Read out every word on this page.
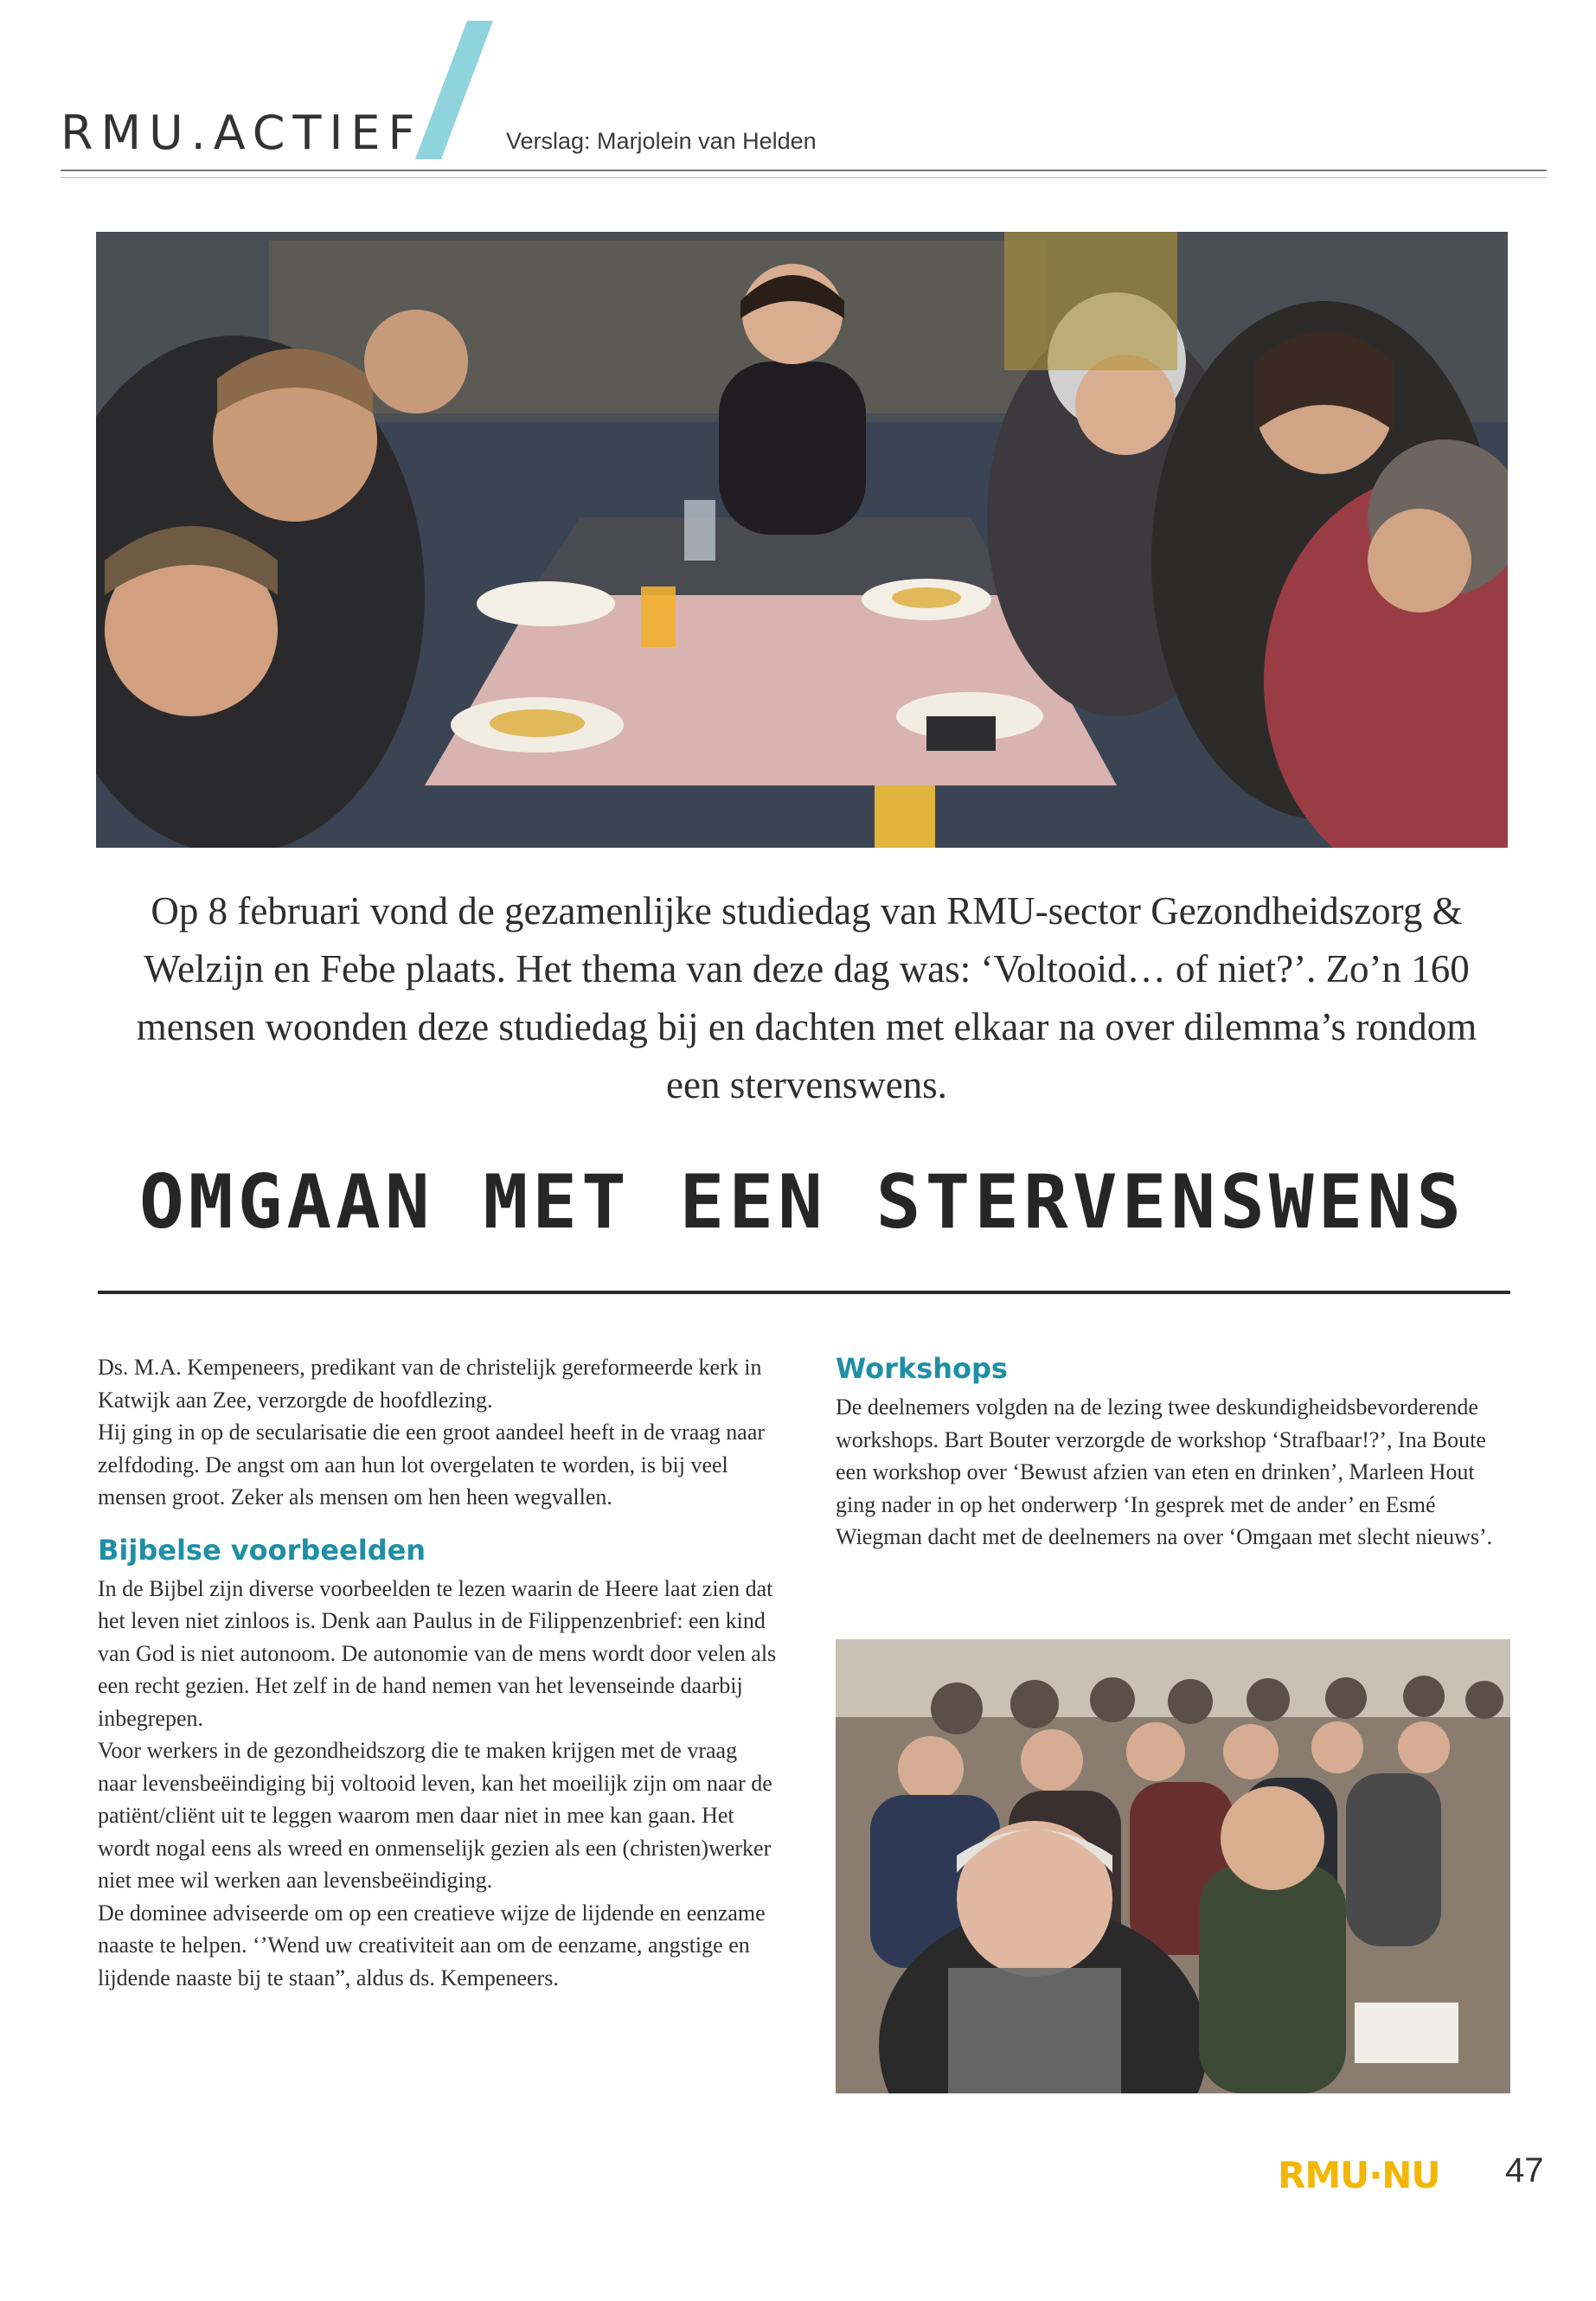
RMU.ACTIEF	Verslag: Marjolein van Helden
Op 8 februari vond de gezamenlijke studiedag van RMU-sector Gezondheidszorg & Welzijn en Febe plaats. Het thema van deze dag was: ‘Voltooid… of niet?’. Zo’n 160 mensen woonden deze studiedag bij en dachten met elkaar na over dilemma’s rondom een stervenswens.
OMGAAN MET EEN STERVENSWENS

Ds. M.A. Kempeneers, predikant van de christelijk gereformeerde kerk in Katwijk aan Zee, verzorgde de hoofdlezing.

Hij ging in op de secularisatie die een groot aandeel heeft in de vraag naar zelfdoding. De angst om aan hun lot overgelaten te worden, is bij veel mensen groot. Zeker als mensen om hen heen wegvallen.

Bijbelse voorbeelden

In de Bijbel zijn diverse voorbeelden te lezen waarin de Heere laat zien dat het leven niet zinloos is. Denk aan Paulus in de Filippenzenbrief: een kind van God is niet autonoom. De autonomie van de mens wordt door velen als een recht gezien. Het zelf in de hand nemen van het levenseinde daarbij inbegrepen.

Voor werkers in de gezondheidszorg die te maken krijgen met de vraag naar levensbeëindiging bij voltooid leven, kan het moeilijk zijn om naar de patiënt/cliënt uit te leggen waarom men daar niet in mee kan gaan. Het wordt nogal eens als wreed en onmenselijk gezien als een (christen)werker niet mee wil werken aan levensbeëindiging.

De dominee adviseerde om op een creatieve wijze de lijdende en eenzame naaste te helpen. ‘’Wend uw creativiteit aan om de eenzame, angstige en lijdende naaste bij te staan”, aldus ds. Kempeneers.

Workshops

De deelnemers volgden na de lezing twee deskundigheidsbevorderende workshops. Bart Bouter verzorgde de workshop ‘Strafbaar!?’, Ina Boute een workshop over ‘Bewust afzien van eten en drinken’, Marleen Hout ging nader in op het onderwerp ‘In gesprek met de ander’ en Esmé Wiegman dacht met de deelnemers na over ‘Omgaan met slecht nieuws’.

RMU·NU 47
